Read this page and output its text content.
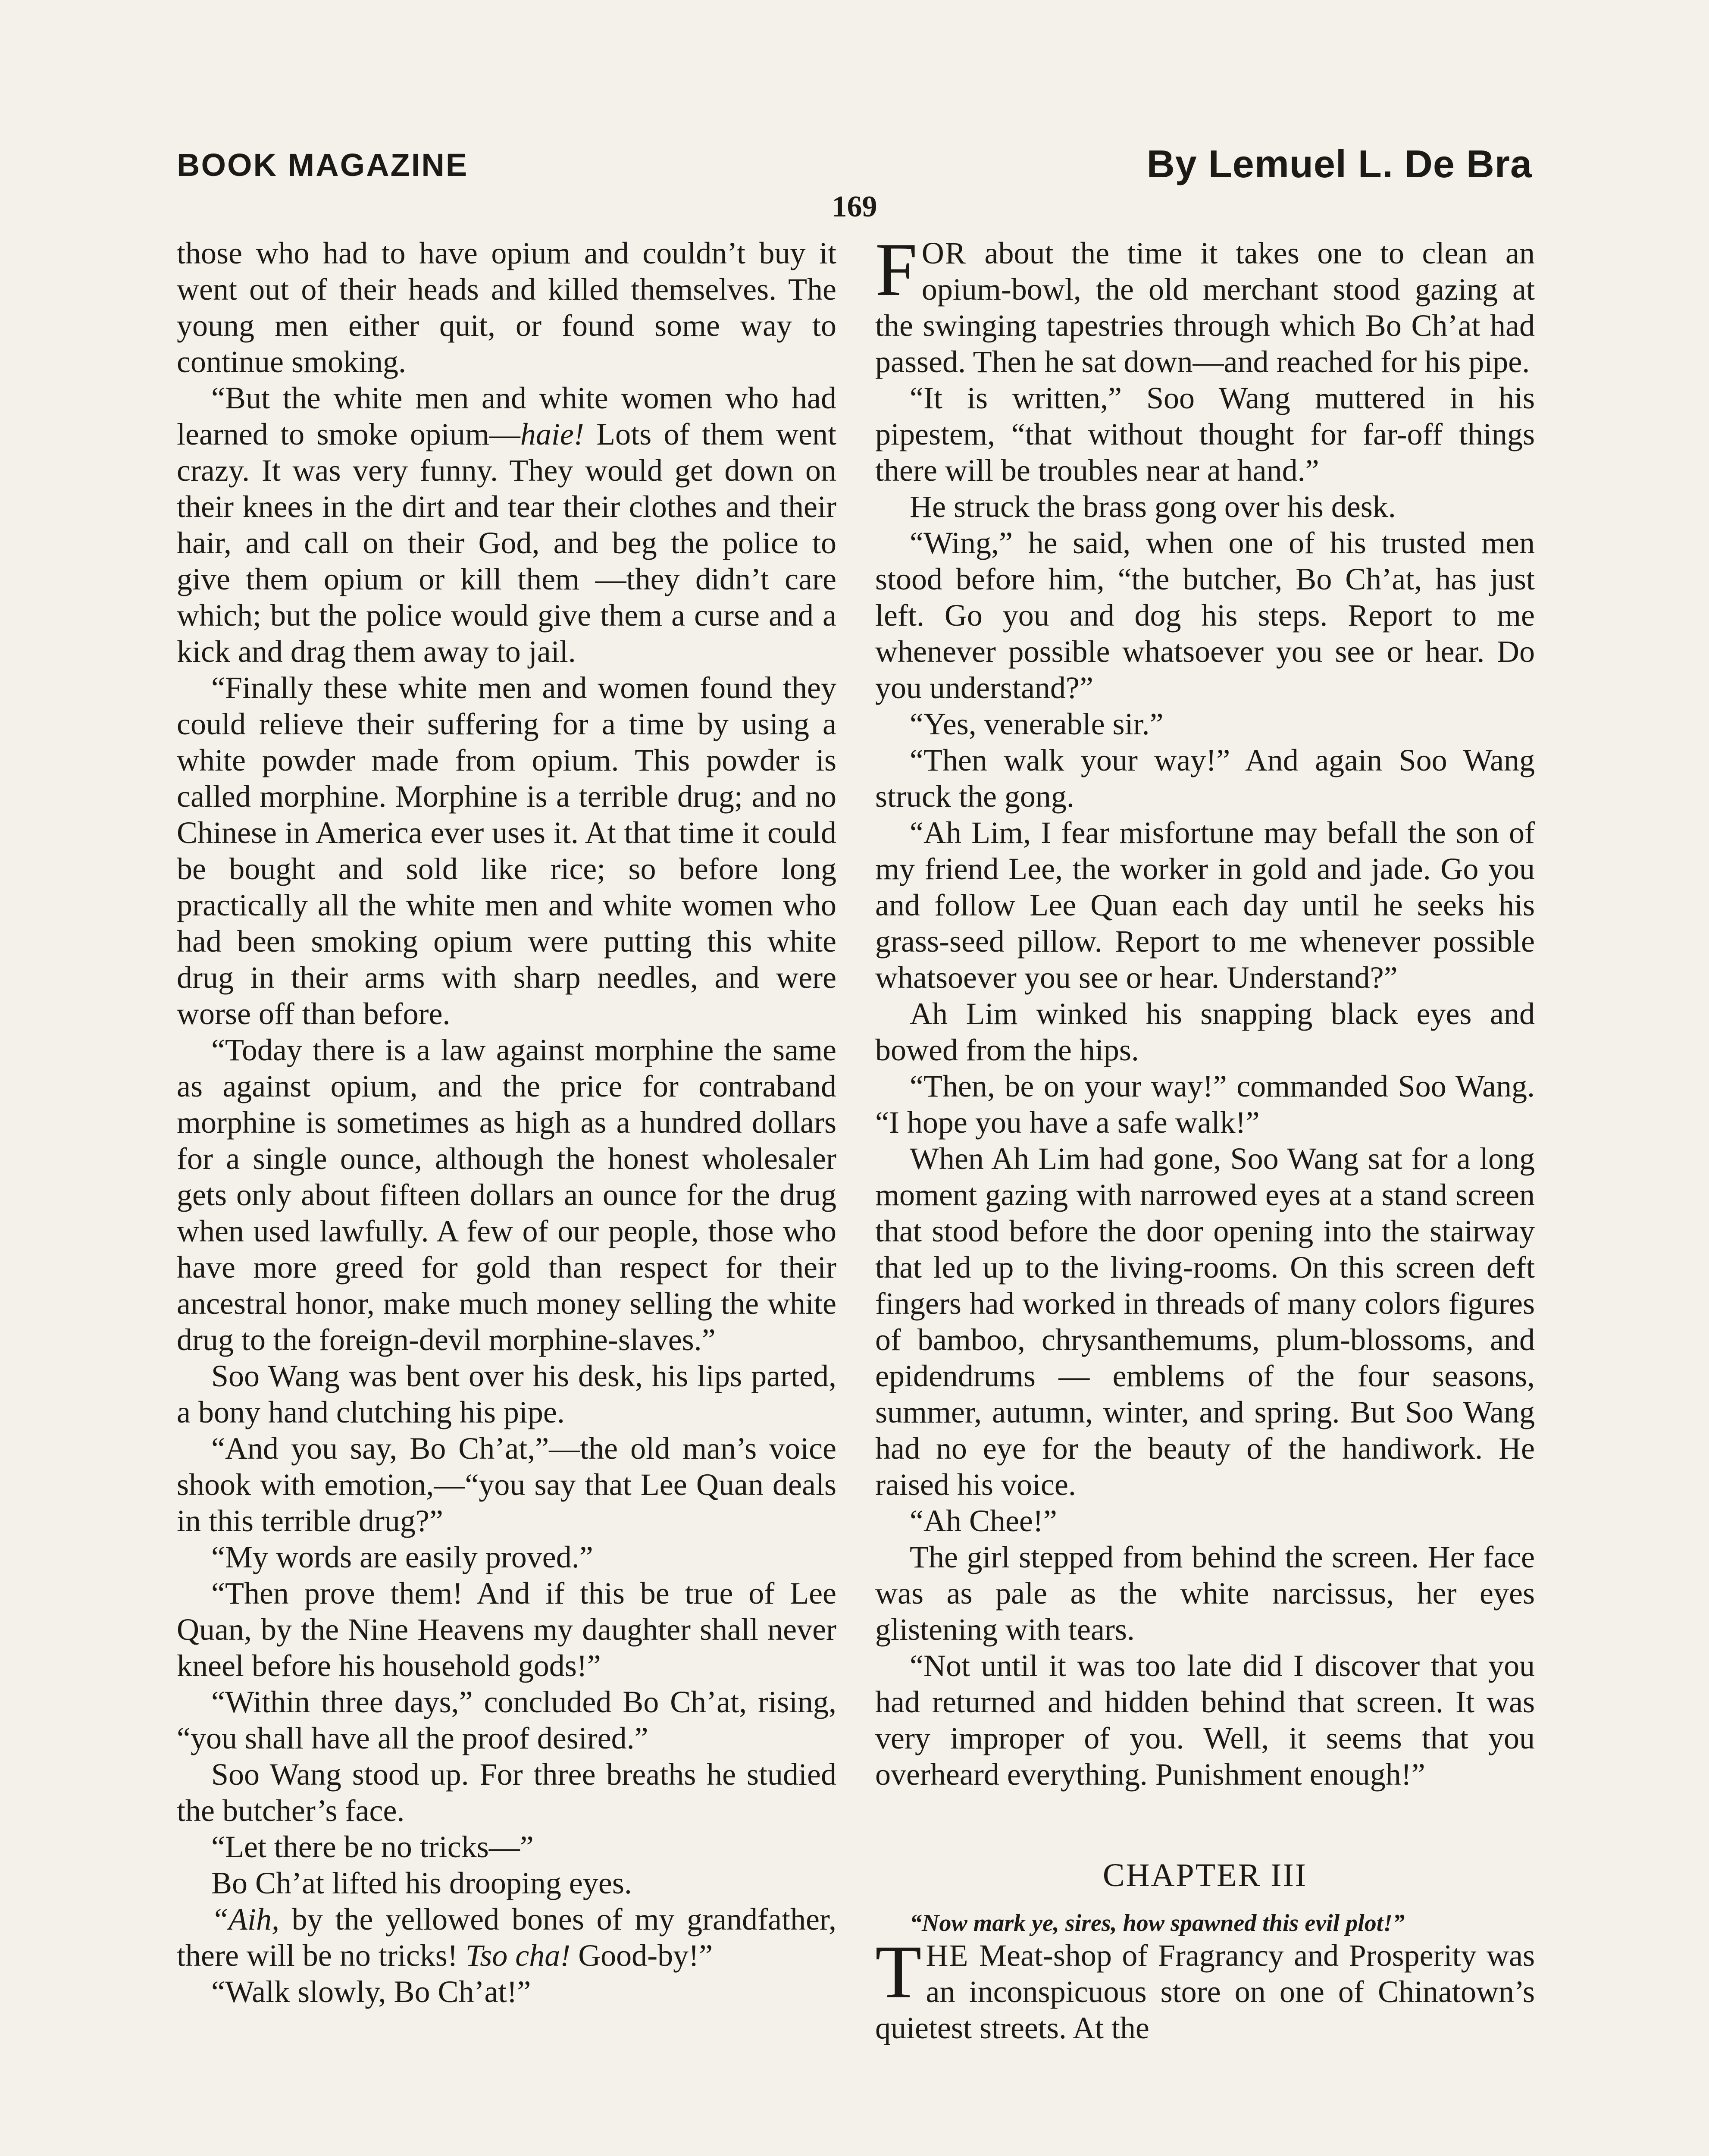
BOOK MAGAZINE	By Lemuel L. De Bra
169

those who had to have opium and couldn’t buy it went out of their heads and killed themselves. The young men either quit, or found some way to continue smoking.

“But the white men and white women who had learned to smoke opium—haie! Lots of them went crazy. It was very funny. They would get down on their knees in the dirt and tear their clothes and their hair, and call on their God, and beg the police to give them opium or kill them —they didn’t care which; but the police would give them a curse and a kick and drag them away to jail.

“Finally these white men and women found they could relieve their suffering for a time by using a white powder made from opium. This powder is called morphine. Morphine is a terrible drug; and no Chinese in America ever uses it. At that time it could be bought and sold like rice; so before long practically all the white men and white women who had been smoking opium were putting this white drug in their arms with sharp needles, and were worse off than before.

“Today there is a law against morphine the same as against opium, and the price for contraband morphine is sometimes as high as a hundred dollars for a single ounce, although the honest wholesaler gets only about fifteen dollars an ounce for the drug when used lawfully. A few of our people, those who have more greed for gold than respect for their ancestral honor, make much money selling the white drug to the foreign-devil morphine-slaves.”

Soo Wang was bent over his desk, his lips parted, a bony hand clutching his pipe.

“And you say, Bo Ch’at,”—the old man’s voice shook with emotion,—“you say that Lee Quan deals in this terrible drug?”

“My words are easily proved.”

“Then prove them! And if this be true of Lee Quan, by the Nine Heavens my daughter shall never kneel before his household gods!”

“Within three days,” concluded Bo Ch’at, rising, “you shall have all the proof desired.”

Soo Wang stood up. For three breaths he studied the butcher’s face.

“Let there be no tricks—”

Bo Ch’at lifted his drooping eyes.

“Aih, by the yellowed bones of my grandfather, there will be no tricks! Tso cha! Good-by!”

“Walk slowly, Bo Ch’at!”

FOR about the time it takes one to clean an opium-bowl, the old merchant stood gazing at the swinging tapestries through which Bo Ch’at had passed. Then he sat down—and reached for his pipe.

“It is written,” Soo Wang muttered in his pipestem, “that without thought for far-off things there will be troubles near at hand.”

He struck the brass gong over his desk.

“Wing,” he said, when one of his trusted men stood before him, “the butcher, Bo Ch’at, has just left. Go you and dog his steps. Report to me whenever possible whatsoever you see or hear. Do you understand?”

“Yes, venerable sir.”

“Then walk your way!” And again Soo Wang struck the gong.

“Ah Lim, I fear misfortune may befall the son of my friend Lee, the worker in gold and jade. Go you and follow Lee Quan each day until he seeks his grass-seed pillow. Report to me whenever possible whatsoever you see or hear. Understand?”

Ah Lim winked his snapping black eyes and bowed from the hips.

“Then, be on your way!” commanded Soo Wang. “I hope you have a safe walk!”

When Ah Lim had gone, Soo Wang sat for a long moment gazing with narrowed eyes at a stand screen that stood before the door opening into the stairway that led up to the living-rooms. On this screen deft fingers had worked in threads of many colors figures of bamboo, chrysanthemums, plum-blossoms, and epidendrums — emblems of the four seasons, summer, autumn, winter, and spring. But Soo Wang had no eye for the beauty of the handiwork. He raised his voice.

“Ah Chee!”

The girl stepped from behind the screen. Her face was as pale as the white narcissus, her eyes glistening with tears.

“Not until it was too late did I discover that you had returned and hidden behind that screen. It was very improper of you. Well, it seems that you overheard everything. Punishment enough!”

CHAPTER III

“Now mark ye, sires, how spawned this evil plot!”

THE Meat-shop of Fragrancy and Prosperity was an inconspicuous store on one of Chinatown’s quietest streets. At the
